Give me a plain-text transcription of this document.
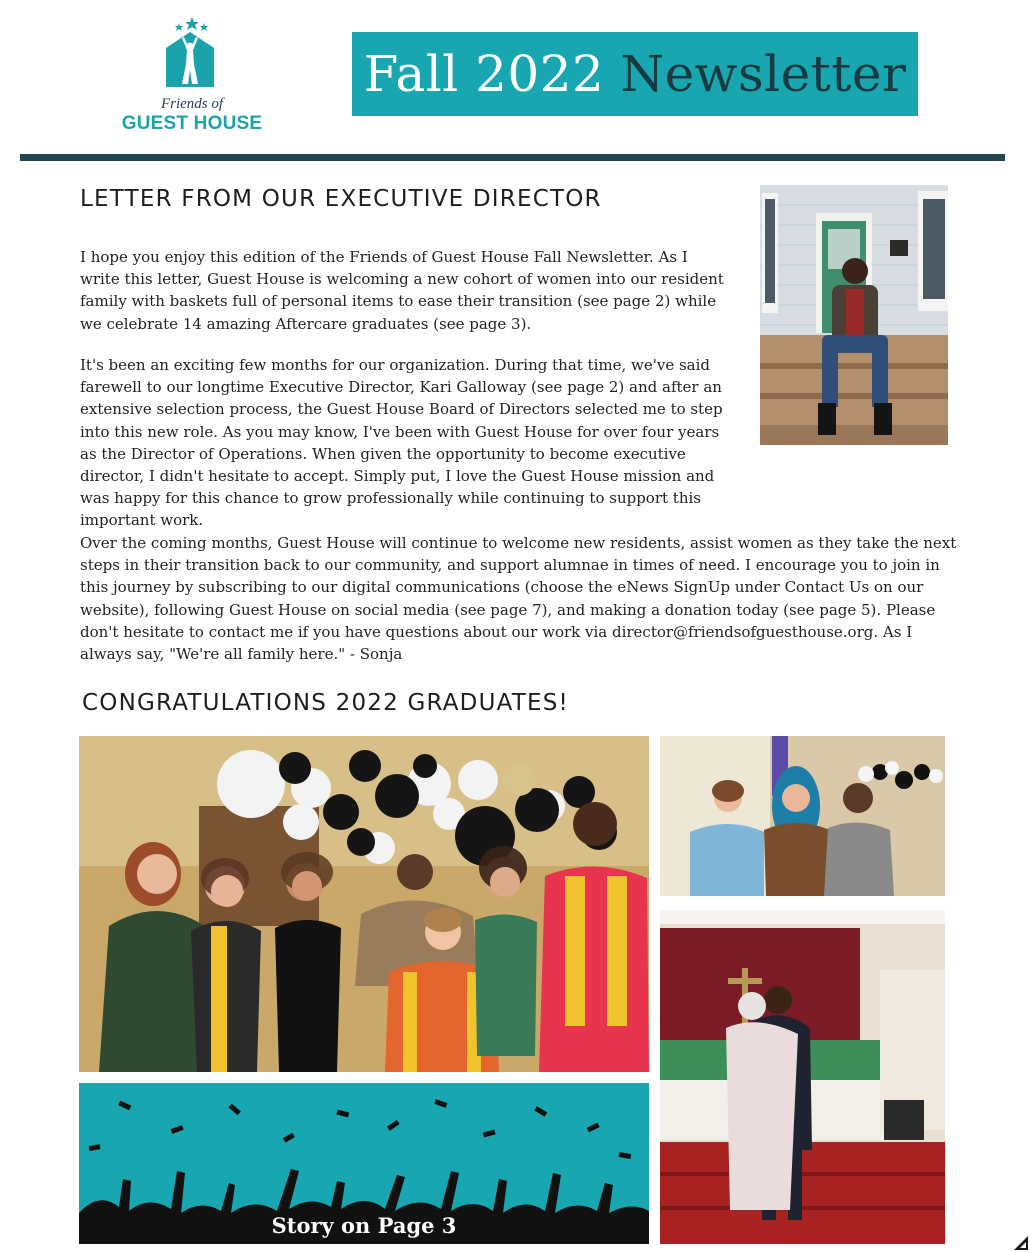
Friends of
GUEST HOUSE
Fall 2022 Newsletter
LETTER FROM OUR EXECUTIVE DIRECTOR
I hope you enjoy this edition of the Friends of Guest House Fall Newsletter. As I write this letter, Guest House is welcoming a new cohort of women into our resident family with baskets full of personal items to ease their transition (see page 2) while we celebrate 14 amazing Aftercare graduates (see page 3).
It's been an exciting few months for our organization. During that time, we've said farewell to our longtime Executive Director, Kari Galloway (see page 2) and after an extensive selection process, the Guest House Board of Directors selected me to step into this new role. As you may know, I've been with Guest House for over four years as the Director of Operations. When given the opportunity to become executive director, I didn't hesitate to accept. Simply put, I love the Guest House mission and was happy for this chance to grow professionally while continuing to support this important work.
Over the coming months, Guest House will continue to welcome new residents, assist women as they take the next steps in their transition back to our community, and support alumnae in times of need. I encourage you to join in this journey by subscribing to our digital communications (choose the eNews SignUp under Contact Us on our website), following Guest House on social media (see page 7), and making a donation today (see page 5). Please don't hesitate to contact me if you have questions about our work via director@friendsofguesthouse.org. As I always say, "We're all family here." - Sonja
CONGRATULATIONS 2022 GRADUATES!
Story on Page 3
